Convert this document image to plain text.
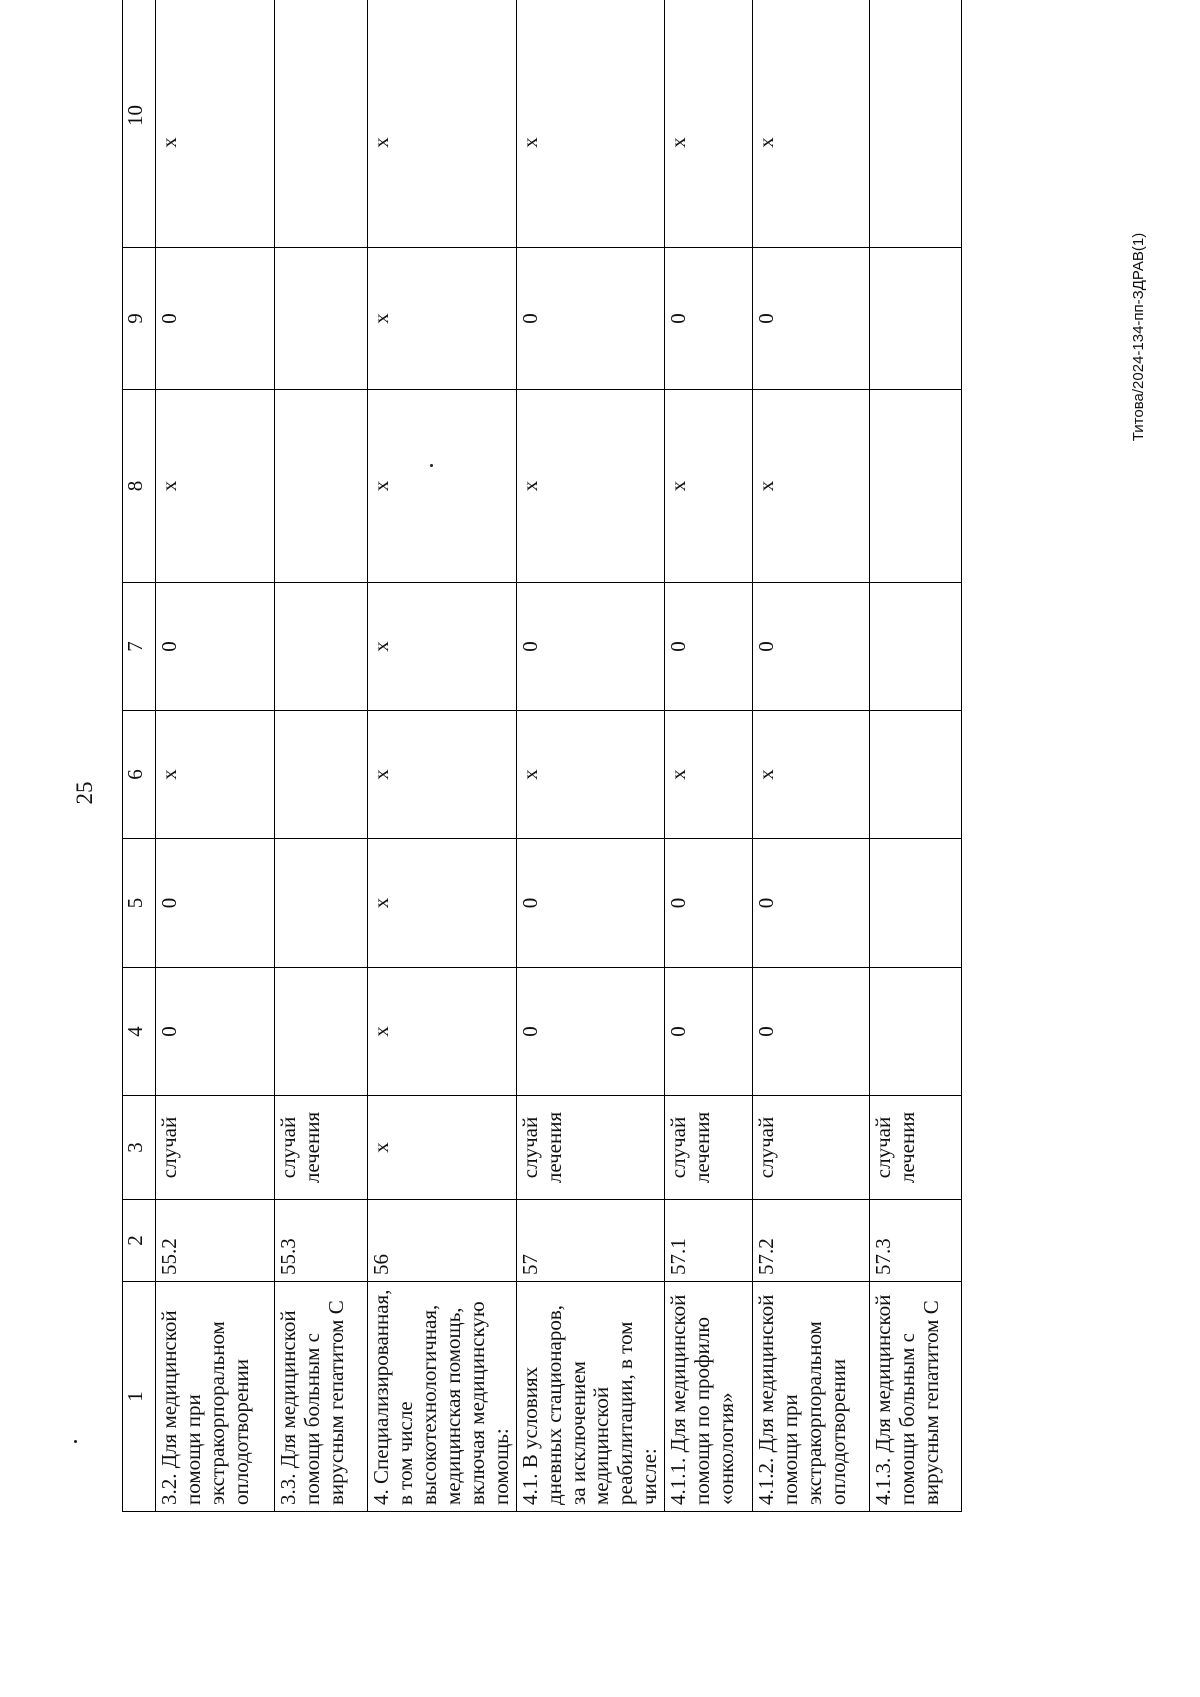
25
1	2	3	4	5	6	7	8	9	10
3.2. Для медицинской помощи при экстракорпоральном оплодотворении	55.2	случай	0	0	х	0	х	0	х
3.3. Для медицинской помощи больным с вирусным гепатитом С	55.3	случай лечения							
4. Специализированная, в том числе высокотехнологичная, медицинская помощь, включая медицинскую помощь:	56	х	х	х	х	х	х	х	х
4.1. В условиях дневных стационаров, за исключением медицинской реабилитации, в том числе:	57	случай лечения	0	0	х	0	х	0	х
4.1.1. Для медицинской помощи по профилю «онкология»	57.1	случай лечения	0	0	х	0	х	0	х
4.1.2. Для медицинской помощи при экстракорпоральном оплодотворении	57.2	случай	0	0	х	0	х	0	х
4.1.3. Для медицинской помощи больным с вирусным гепатитом С	57.3	случай лечения							
Титова/2024-134-пп-ЗДРАВ(1)
